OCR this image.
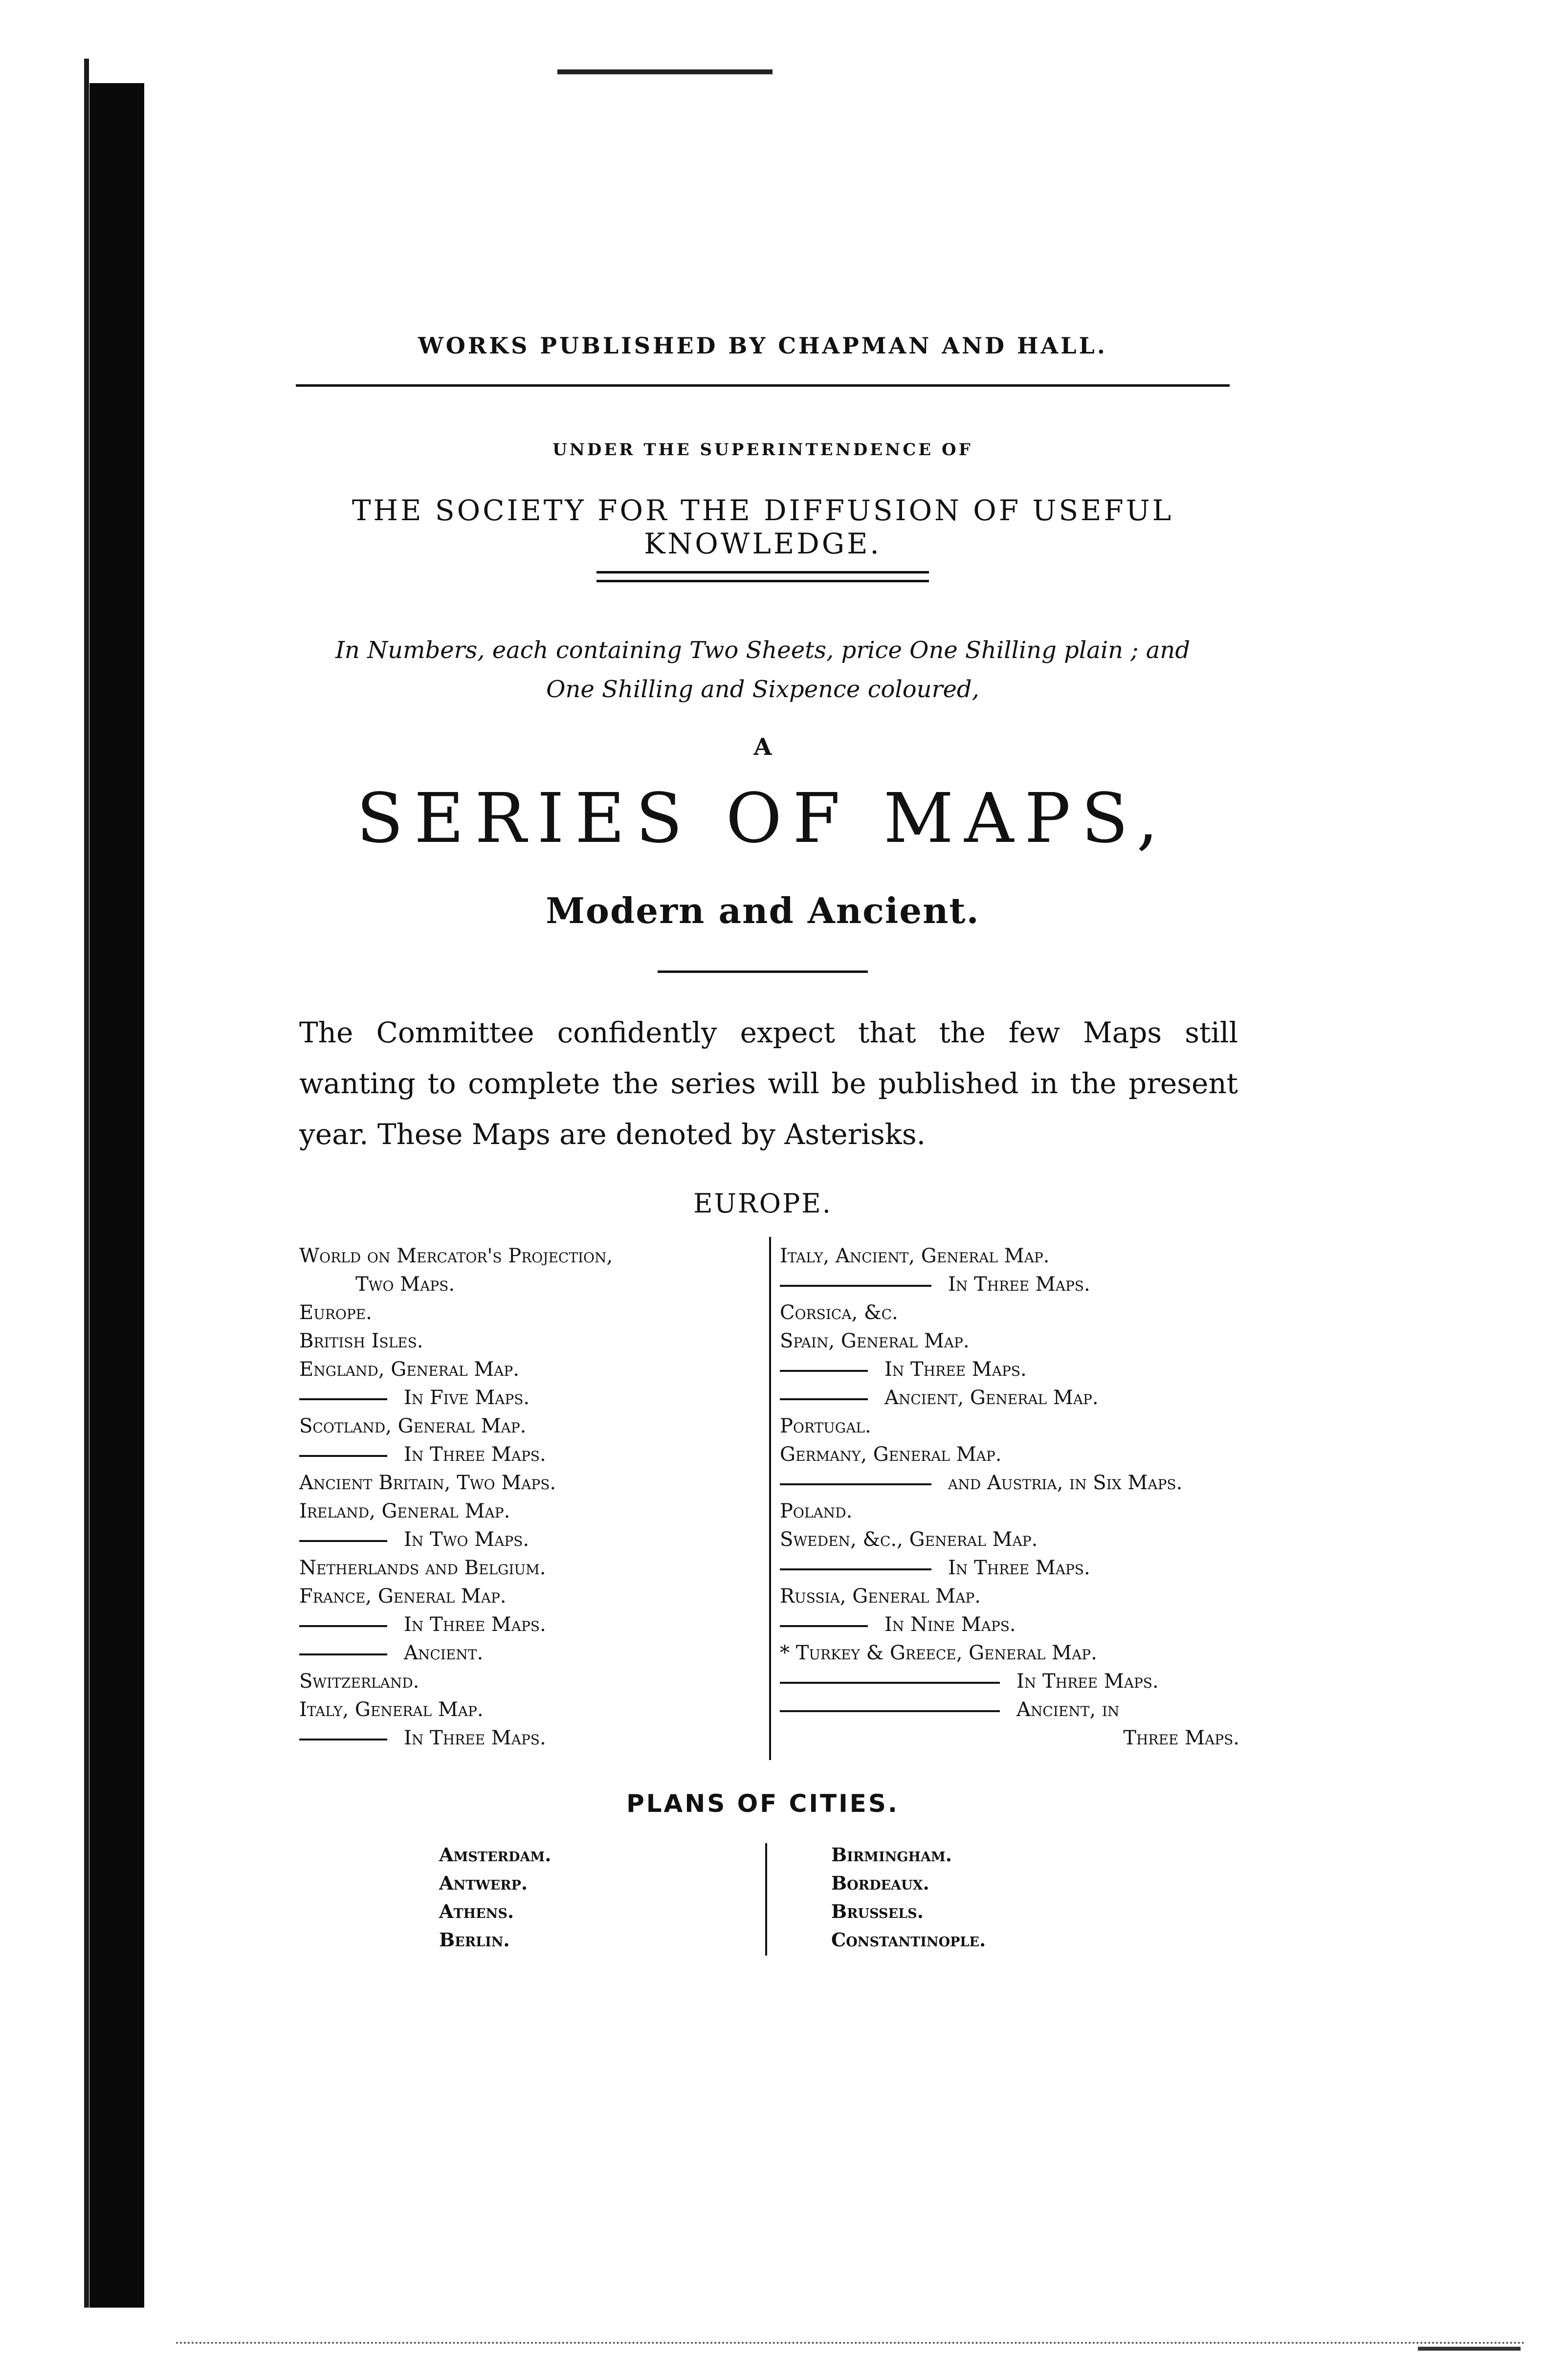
WORKS PUBLISHED BY CHAPMAN AND HALL.
UNDER THE SUPERINTENDENCE OF
THE SOCIETY FOR THE DIFFUSION OF USEFUL KNOWLEDGE.
In Numbers, each containing Two Sheets, price One Shilling plain ; and
One Shilling and Sixpence coloured,
A
SERIES OF MAPS,
Modern and Ancient.
The Committee confidently expect that the few Maps still wanting to complete the series will be published in the present year. These Maps are denoted by Asterisks.
EUROPE.
World on Mercator's Projection,
Two Maps.
Europe.
British Isles.
England, General Map.
In Five Maps.
Scotland, General Map.
In Three Maps.
Ancient Britain, Two Maps.
Ireland, General Map.
In Two Maps.
Netherlands and Belgium.
France, General Map.
In Three Maps.
Ancient.
Switzerland.
Italy, General Map.
In Three Maps.
Italy, Ancient, General Map.
In Three Maps.
Corsica, &c.
Spain, General Map.
In Three Maps.
Ancient, General Map.
Portugal.
Germany, General Map.
and Austria, in Six Maps.
Poland.
Sweden, &c., General Map.
In Three Maps.
Russia, General Map.
In Nine Maps.
* Turkey & Greece, General Map.
In Three Maps.
Ancient, in
Three Maps.
PLANS OF CITIES.
Amsterdam.
Antwerp.
Athens.
Berlin.
Birmingham.
Bordeaux.
Brussels.
Constantinople.
